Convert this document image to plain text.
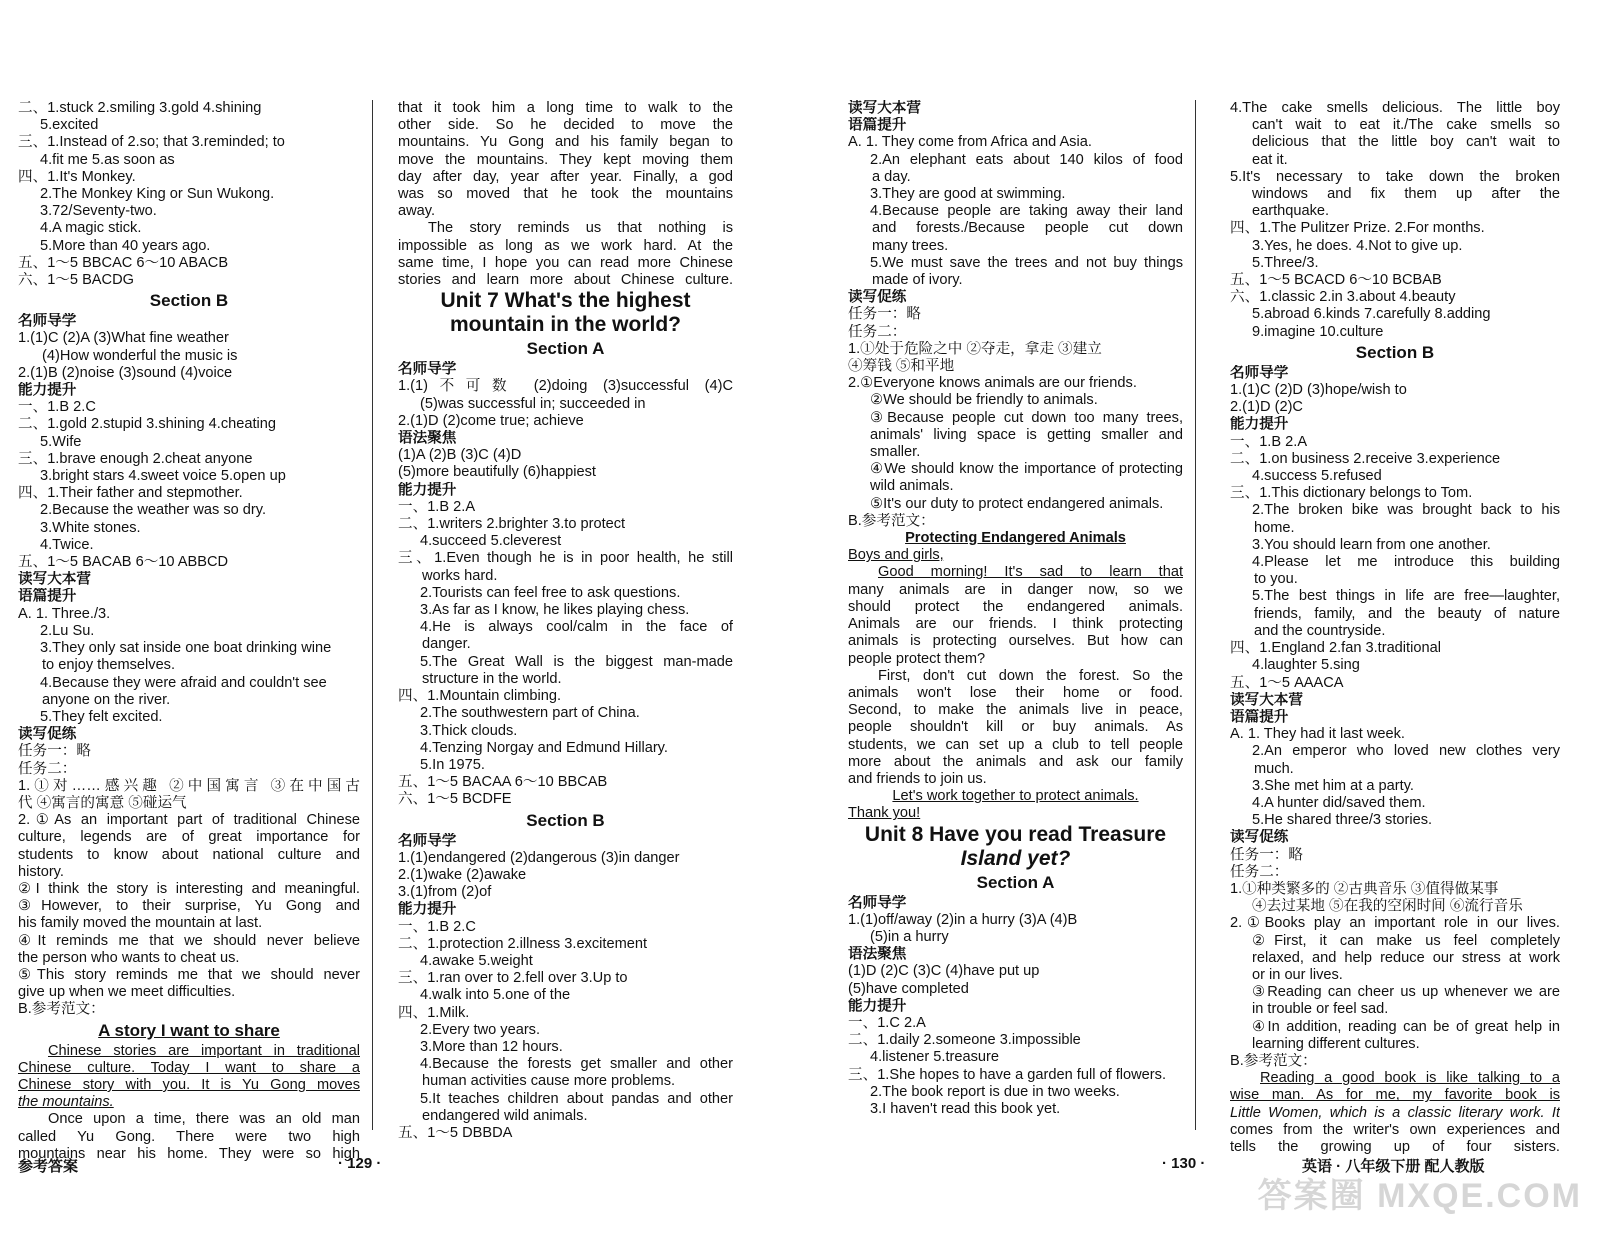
二、1.stuck 2.smiling 3.gold 4.shining
5.excited
三、1.Instead of 2.so; that 3.reminded; to
4.fit me 5.as soon as
四、1.It's Monkey.
2.The Monkey King or Sun Wukong.
3.72/Seventy-two.
4.A magic stick.
5.More than 40 years ago.
五、1～5 BBCAC 6～10 ABACB
六、1～5 BACDG
Section B
名师导学
1.(1)C (2)A (3)What fine weather
(4)How wonderful the music is
2.(1)B (2)noise (3)sound (4)voice
能力提升
一、1.B 2.C
二、1.gold 2.stupid 3.shining 4.cheating
5.Wife
三、1.brave enough 2.cheat anyone
3.bright stars 4.sweet voice 5.open up
四、1.Their father and stepmother.
2.Because the weather was so dry.
3.White stones.
4.Twice.
五、1～5 BACAB 6～10 ABBCD
读写大本营
语篇提升
A. 1. Three./3.
2.Lu Su.
3.They only sat inside one boat drinking wine
to enjoy themselves.
4.Because they were afraid and couldn't see
anyone on the river.
5.They felt excited.
读写促练
任务一：略
任务二：
1.①对……感兴趣 ②中国寓言 ③在中国古
代 ④寓言的寓意 ⑤碰运气
2.①As an important part of traditional Chinese
culture, legends are of great importance for
students to know about national culture and
history.
②I think the story is interesting and meaningful.
③However, to their surprise, Yu Gong and
his family moved the mountain at last.
④It reminds me that we should never believe
the person who wants to cheat us.
⑤This story reminds me that we should never
give up when we meet difficulties.
B.参考范文：
A story I want to share
Chinese stories are important in traditional
Chinese culture. Today I want to share a
Chinese story with you. It is Yu Gong moves
the mountains.
Once upon a time, there was an old man
called Yu Gong. There were two high
mountains near his home. They were so high
that it took him a long time to walk to the
other side. So he decided to move the
mountains. Yu Gong and his family began to
move the mountains. They kept moving them
day after day, year after year. Finally, a god
was so moved that he took the mountains
away.
The story reminds us that nothing is
impossible as long as we work hard. At the
same time, I hope you can read more Chinese
stories and learn more about Chinese culture.
Unit 7 What's the highest
mountain in the world?
Section A
名师导学
1.(1)不可数 (2)doing (3)successful (4)C
(5)was successful in; succeeded in
2.(1)D (2)come true; achieve
语法聚焦
(1)A (2)B (3)C (4)D
(5)more beautifully (6)happiest
能力提升
一、1.B 2.A
二、1.writers 2.brighter 3.to protect
4.succeed 5.cleverest
三、1.Even though he is in poor health, he still
works hard.
2.Tourists can feel free to ask questions.
3.As far as I know, he likes playing chess.
4.He is always cool/calm in the face of
danger.
5.The Great Wall is the biggest man-made
structure in the world.
四、1.Mountain climbing.
2.The southwestern part of China.
3.Thick clouds.
4.Tenzing Norgay and Edmund Hillary.
5.In 1975.
五、1～5 BACAA 6～10 BBCAB
六、1～5 BCDFE
Section B
名师导学
1.(1)endangered (2)dangerous (3)in danger
2.(1)wake (2)awake
3.(1)from (2)of
能力提升
一、1.B 2.C
二、1.protection 2.illness 3.excitement
4.awake 5.weight
三、1.ran over to 2.fell over 3.Up to
4.walk into 5.one of the
四、1.Milk.
2.Every two years.
3.More than 12 hours.
4.Because the forests get smaller and other
human activities cause more problems.
5.It teaches children about pandas and other
endangered wild animals.
五、1～5 DBBDA
读写大本营
语篇提升
A. 1. They come from Africa and Asia.
2.An elephant eats about 140 kilos of food
a day.
3.They are good at swimming.
4.Because people are taking away their land
and forests./Because people cut down
many trees.
5.We must save the trees and not buy things
made of ivory.
读写促练
任务一：略
任务二：
1.①处于危险之中 ②夺走，拿走 ③建立
④筹钱 ⑤和平地
2.①Everyone knows animals are our friends.
②We should be friendly to animals.
③Because people cut down too many trees,
animals' living space is getting smaller and
smaller.
④We should know the importance of protecting
wild animals.
⑤It's our duty to protect endangered animals.
B.参考范文：
Protecting Endangered Animals
Boys and girls,
Good morning! It's sad to learn that
many animals are in danger now, so we
should protect the endangered animals.
Animals are our friends. I think protecting
animals is protecting ourselves. But how can
people protect them?
First, don't cut down the forest. So the
animals won't lose their home or food.
Second, to make the animals live in peace,
people shouldn't kill or buy animals. As
students, we can set up a club to tell people
more about the animals and ask our family
and friends to join us.
Let's work together to protect animals.
Thank you!
Unit 8 Have you read Treasure
Island yet?
Section A
名师导学
1.(1)off/away (2)in a hurry (3)A (4)B
(5)in a hurry
语法聚焦
(1)D (2)C (3)C (4)have put up
(5)have completed
能力提升
一、1.C 2.A
二、1.daily 2.someone 3.impossible
4.listener 5.treasure
三、1.She hopes to have a garden full of flowers.
2.The book report is due in two weeks.
3.I haven't read this book yet.
4.The cake smells delicious. The little boy
can't wait to eat it./The cake smells so
delicious that the little boy can't wait to
eat it.
5.It's necessary to take down the broken
windows and fix them up after the
earthquake.
四、1.The Pulitzer Prize. 2.For months.
3.Yes, he does. 4.Not to give up.
5.Three/3.
五、1～5 BCACD 6～10 BCBAB
六、1.classic 2.in 3.about 4.beauty
5.abroad 6.kinds 7.carefully 8.adding
9.imagine 10.culture
Section B
名师导学
1.(1)C (2)D (3)hope/wish to
2.(1)D (2)C
能力提升
一、1.B 2.A
二、1.on business 2.receive 3.experience
4.success 5.refused
三、1.This dictionary belongs to Tom.
2.The broken bike was brought back to his
home.
3.You should learn from one another.
4.Please let me introduce this building
to you.
5.The best things in life are free—laughter,
friends, family, and the beauty of nature
and the countryside.
四、1.England 2.fan 3.traditional
4.laughter 5.sing
五、1～5 AAACA
读写大本营
语篇提升
A. 1. They had it last week.
2.An emperor who loved new clothes very
much.
3.She met him at a party.
4.A hunter did/saved them.
5.He shared three/3 stories.
读写促练
任务一：略
任务二：
1.①种类繁多的 ②古典音乐 ③值得做某事
④去过某地 ⑤在我的空闲时间 ⑥流行音乐
2.①Books play an important role in our lives.
②First, it can make us feel completely
relaxed, and help reduce our stress at work
or in our lives.
③Reading can cheer us up whenever we are
in trouble or feel sad.
④In addition, reading can be of great help in
learning different cultures.
B.参考范文：
Reading a good book is like talking to a
wise man. As for me, my favorite book is
Little Women, which is a classic literary work. It
comes from the writer's own experiences and
tells the growing up of four sisters.
参考答案	· 129 ·	· 130 ·	英语 · 八年级下册 配人教版
答案圈 MXQE.COM
